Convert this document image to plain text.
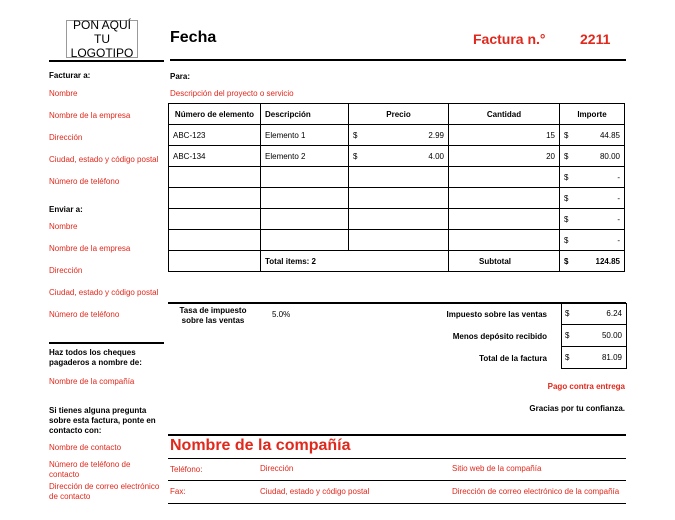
PON AQUÍ TU LOGOTIPO
Fecha	Factura n.° 2211
Facturar a:
Nombre
Nombre de la empresa
Dirección
Ciudad, estado y código postal
Número de teléfono
Enviar a:
Nombre
Nombre de la empresa
Dirección
Ciudad, estado y código postal
Número de teléfono
Haz todos los cheques pagaderos a nombre de:
Nombre de la compañía
Si tienes alguna pregunta sobre esta factura, ponte en contacto con:
Nombre de contacto
Número de teléfono de contacto
Dirección de correo electrónico de contacto
Para:
Descripción del proyecto o servicio
Número de elemento	Descripción	Precio	Cantidad	Importe
ABC-123	Elemento 1	$ 2.99	15	$ 44.85

ABC-134	Elemento 2	$ 4.00	20	$ 80.00

				$ -

				$ -

				$ -

				$ -

	Total items: 2		Subtotal	$ 124.85
Tasa de impuesto sobre las ventas
5.0%	Impuesto sobre las ventas $	6.24
Menos depósito recibido $	50.00
Total de la factura $	81.09
Pago contra entrega
Gracias por tu confianza.
Nombre de la compañía
Teléfono:	Dirección	Sitio web de la compañía
Fax:	Ciudad, estado y código postal	Dirección de correo electrónico de la compañía
